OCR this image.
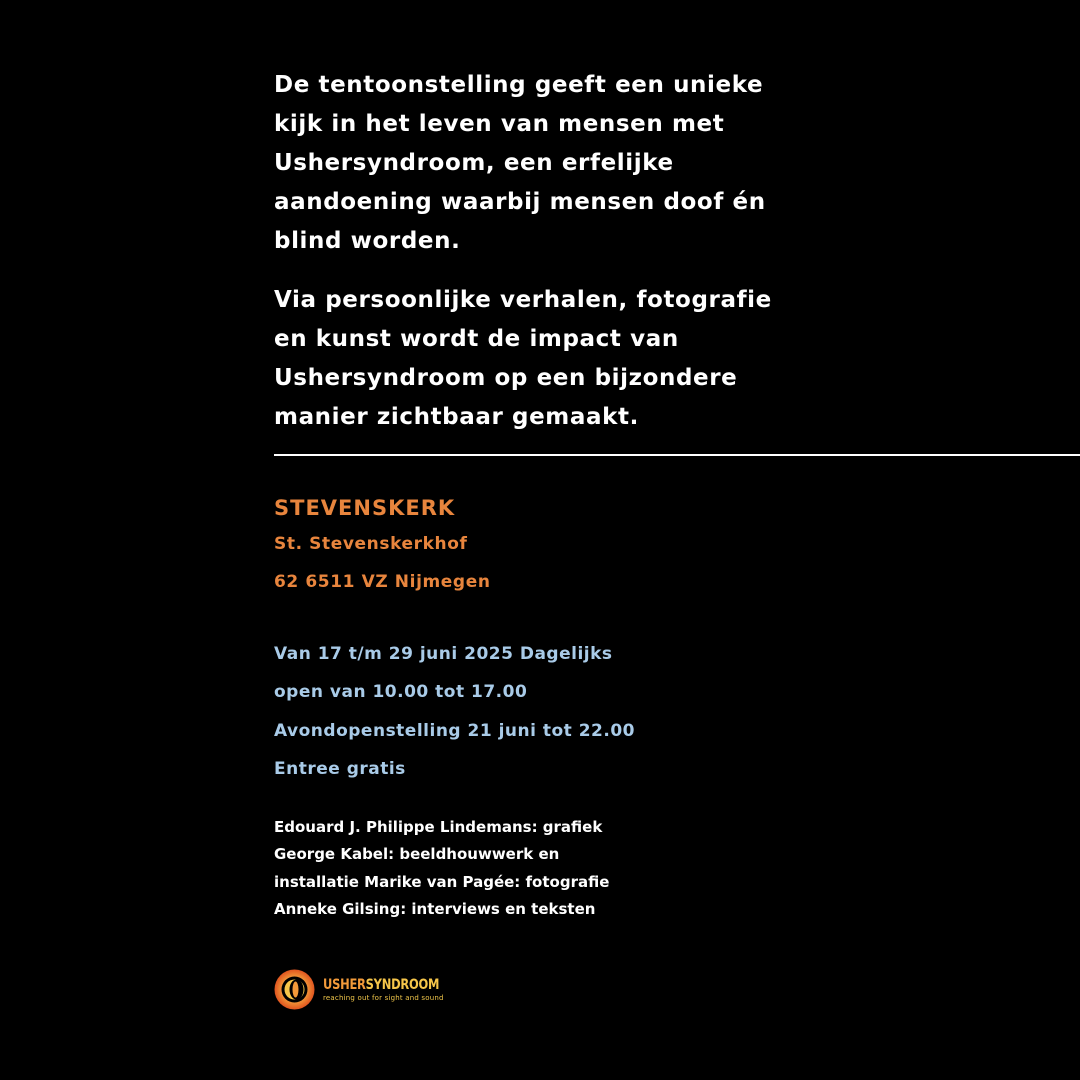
De tentoonstelling geeft een unieke
kijk in het leven van mensen met
Ushersyndroom, een erfelijke
aandoening waarbij mensen doof én
blind worden.

Via persoonlijke verhalen, fotografie
en kunst wordt de impact van
Ushersyndroom op een bijzondere
manier zichtbaar gemaakt.

STEVENSKERK
St. Stevenskerkhof
62 6511 VZ Nijmegen
Van 17 t/m 29 juni 2025 Dagelijks
open van 10.00 tot 17.00
Avondopenstelling 21 juni tot 22.00
Entree gratis
Edouard J. Philippe Lindemans: grafiek
George Kabel: beeldhouwwerk en
installatie Marike van Pagée: fotografie
Anneke Gilsing: interviews en teksten
USHERSYNDROOM
reaching out for sight and sound
